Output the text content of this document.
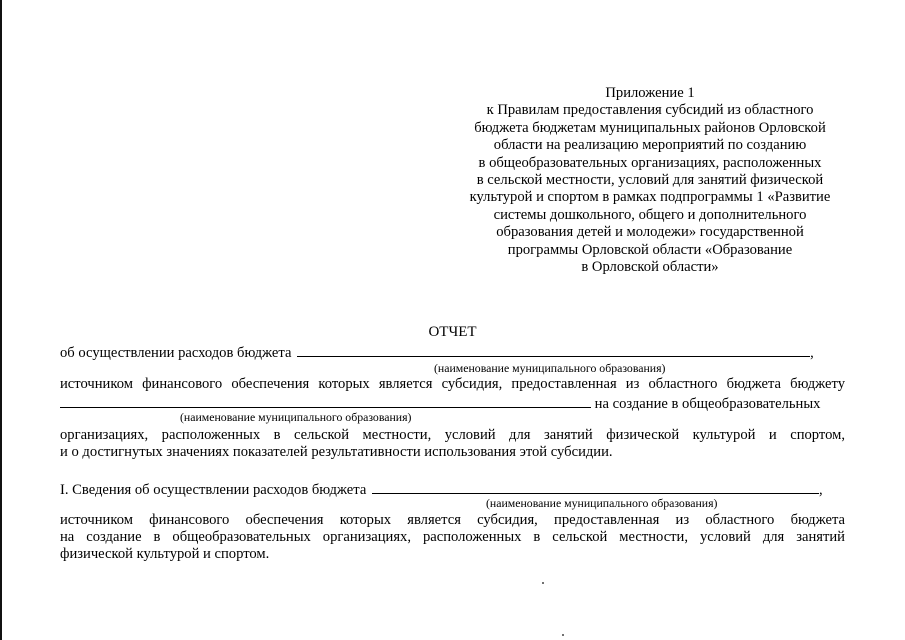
Приложение 1
к Правилам предоставления субсидий из областного
бюджета бюджетам муниципальных районов Орловской
области на реализацию мероприятий по созданию
в общеобразовательных организациях, расположенных
в сельской местности, условий для занятий физической
культурой и спортом в рамках подпрограммы 1 «Развитие
системы дошкольного, общего и дополнительного
образования детей и молодежи» государственной
программы Орловской области «Образование
в Орловской области»
ОТЧЕТ
об осуществлении расходов бюджета	,
(наименование муниципального образования)
источником финансового обеспечения которых является субсидия, предоставленная из областного бюджета бюджету
на создание в общеобразовательных
(наименование муниципального образования)
организациях, расположенных в сельской местности, условий для занятий физической культурой и спортом,
и о достигнутых значениях показателей результативности использования этой субсидии.
I. Сведения об осуществлении расходов бюджета	,
(наименование муниципального образования)
источником финансового обеспечения которых является субсидия, предоставленная из областного бюджета
на создание в общеобразовательных организациях, расположенных в сельской местности, условий для занятий
физической культурой и спортом.
